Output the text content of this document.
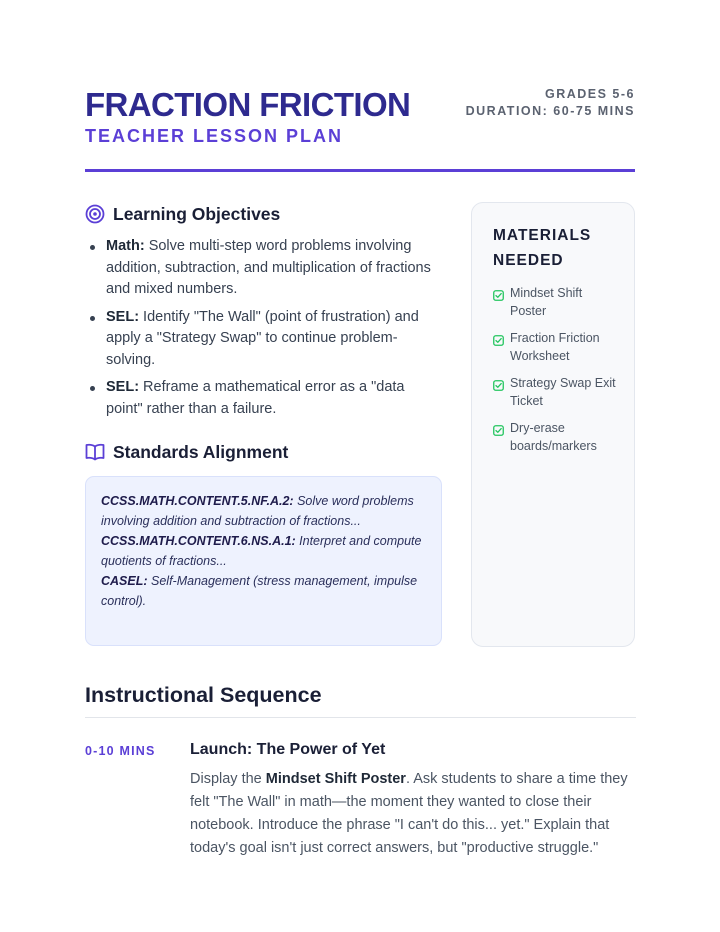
FRACTION FRICTION
TEACHER LESSON PLAN
GRADES 5-6
DURATION: 60-75 MINS
Learning Objectives
Math: Solve multi-step word problems involving addition, subtraction, and multiplication of fractions and mixed numbers.
SEL: Identify "The Wall" (point of frustration) and apply a "Strategy Swap" to continue problem-solving.
SEL: Reframe a mathematical error as a "data point" rather than a failure.
Standards Alignment
CCSS.MATH.CONTENT.5.NF.A.2: Solve word problems involving addition and subtraction of fractions...
CCSS.MATH.CONTENT.6.NS.A.1: Interpret and compute quotients of fractions...
CASEL: Self-Management (stress management, impulse control).
MATERIALS
NEEDED
Mindset Shift Poster
Fraction Friction Worksheet
Strategy Swap Exit Ticket
Dry-erase boards/markers
Instructional Sequence
0-10 MINS Launch: The Power of Yet
Display the Mindset Shift Poster. Ask students to share a time they felt "The Wall" in math—the moment they wanted to close their notebook. Introduce the phrase "I can't do this... yet." Explain that today's goal isn't just correct answers, but "productive struggle."
